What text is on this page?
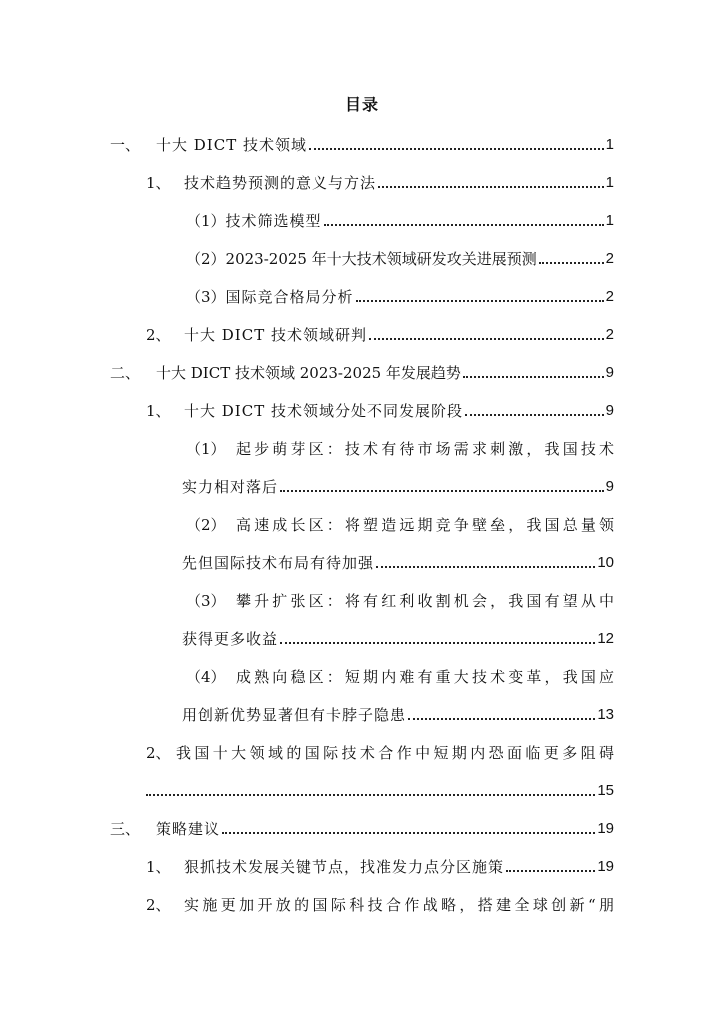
目录
一、	十大 DICT 技术领域	1
1、 技术趋势预测的意义与方法	1
（1） 技术筛选模型	1
（2） 2023-2025 年十大技术领域研发攻关进展预测	2
（3） 国际竞合格局分析	2
2、 十大 DICT 技术领域研判	2
二、	十大 DICT 技术领域 2023-2025 年发展趋势	9
1、 十大 DICT 技术领域分处不同发展阶段	9
（1） 起步萌芽区：技术有待市场需求刺激，我国技术
实力相对落后	9
（2） 高速成长区：将塑造远期竞争壁垒，我国总量领
先但国际技术布局有待加强	10
（3） 攀升扩张区：将有红利收割机会，我国有望从中
获得更多收益	12
（4） 成熟向稳区：短期内难有重大技术变革，我国应
用创新优势显著但有卡脖子隐患	13
2、 我国十大领域的国际技术合作中短期内恐面临更多阻碍
15
三、	策略建议	19
1、 狠抓技术发展关键节点，找准发力点分区施策	19
2、 实施更加开放的国际科技合作战略，搭建全球创新“朋
